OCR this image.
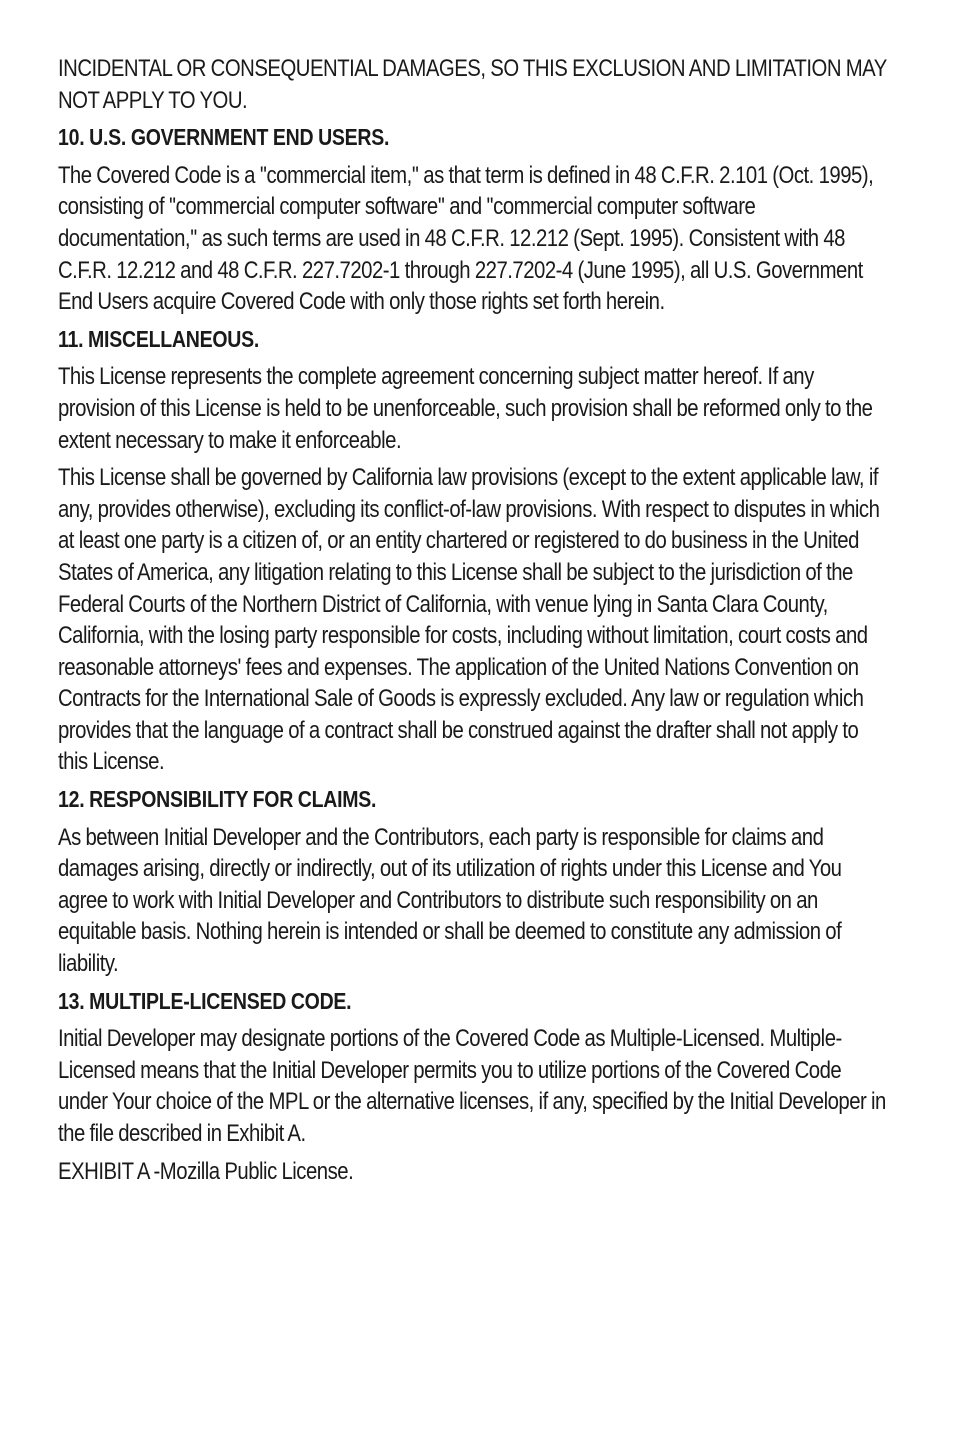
INCIDENTAL OR CONSEQUENTIAL DAMAGES, SO THIS EXCLUSION AND LIMITATION MAY NOT APPLY TO YOU.

10. U.S. GOVERNMENT END USERS.

The Covered Code is a ''commercial item,'' as that term is defined in 48 C.F.R. 2.101 (Oct. 1995), consisting of ''commercial computer software'' and ''commercial computer software documentation,'' as such terms are used in 48 C.F.R. 12.212 (Sept. 1995). Consistent with 48 C.F.R. 12.212 and 48 C.F.R. 227.7202-1 through 227.7202-4 (June 1995), all U.S. Government End Users acquire Covered Code with only those rights set forth herein.

11. MISCELLANEOUS.

This License represents the complete agreement concerning subject matter hereof. If any provision of this License is held to be unenforceable, such provision shall be reformed only to the extent necessary to make it enforceable.

This License shall be governed by California law provisions (except to the extent applicable law, if any, provides otherwise), excluding its conflict-of-law provisions. With respect to disputes in which at least one party is a citizen of, or an entity chartered or registered to do business in the United States of America, any litigation relating to this License shall be subject to the jurisdiction of the Federal Courts of the Northern District of California, with venue lying in Santa Clara County, California, with the losing party responsible for costs, including without limitation, court costs and reasonable attorneys' fees and expenses. The application of the United Nations Convention on Contracts for the International Sale of Goods is expressly excluded. Any law or regulation which provides that the language of a contract shall be construed against the drafter shall not apply to this License.

12. RESPONSIBILITY FOR CLAIMS.

As between Initial Developer and the Contributors, each party is responsible for claims and damages arising, directly or indirectly, out of its utilization of rights under this License and You agree to work with Initial Developer and Contributors to distribute such responsibility on an equitable basis. Nothing herein is intended or shall be deemed to constitute any admission of liability.

13. MULTIPLE-LICENSED CODE.

Initial Developer may designate portions of the Covered Code as Multiple-Licensed. Multiple-Licensed means that the Initial Developer permits you to utilize portions of the Covered Code under Your choice of the MPL or the alternative licenses, if any, specified by the Initial Developer in the file described in Exhibit A.

EXHIBIT A -Mozilla Public License.
